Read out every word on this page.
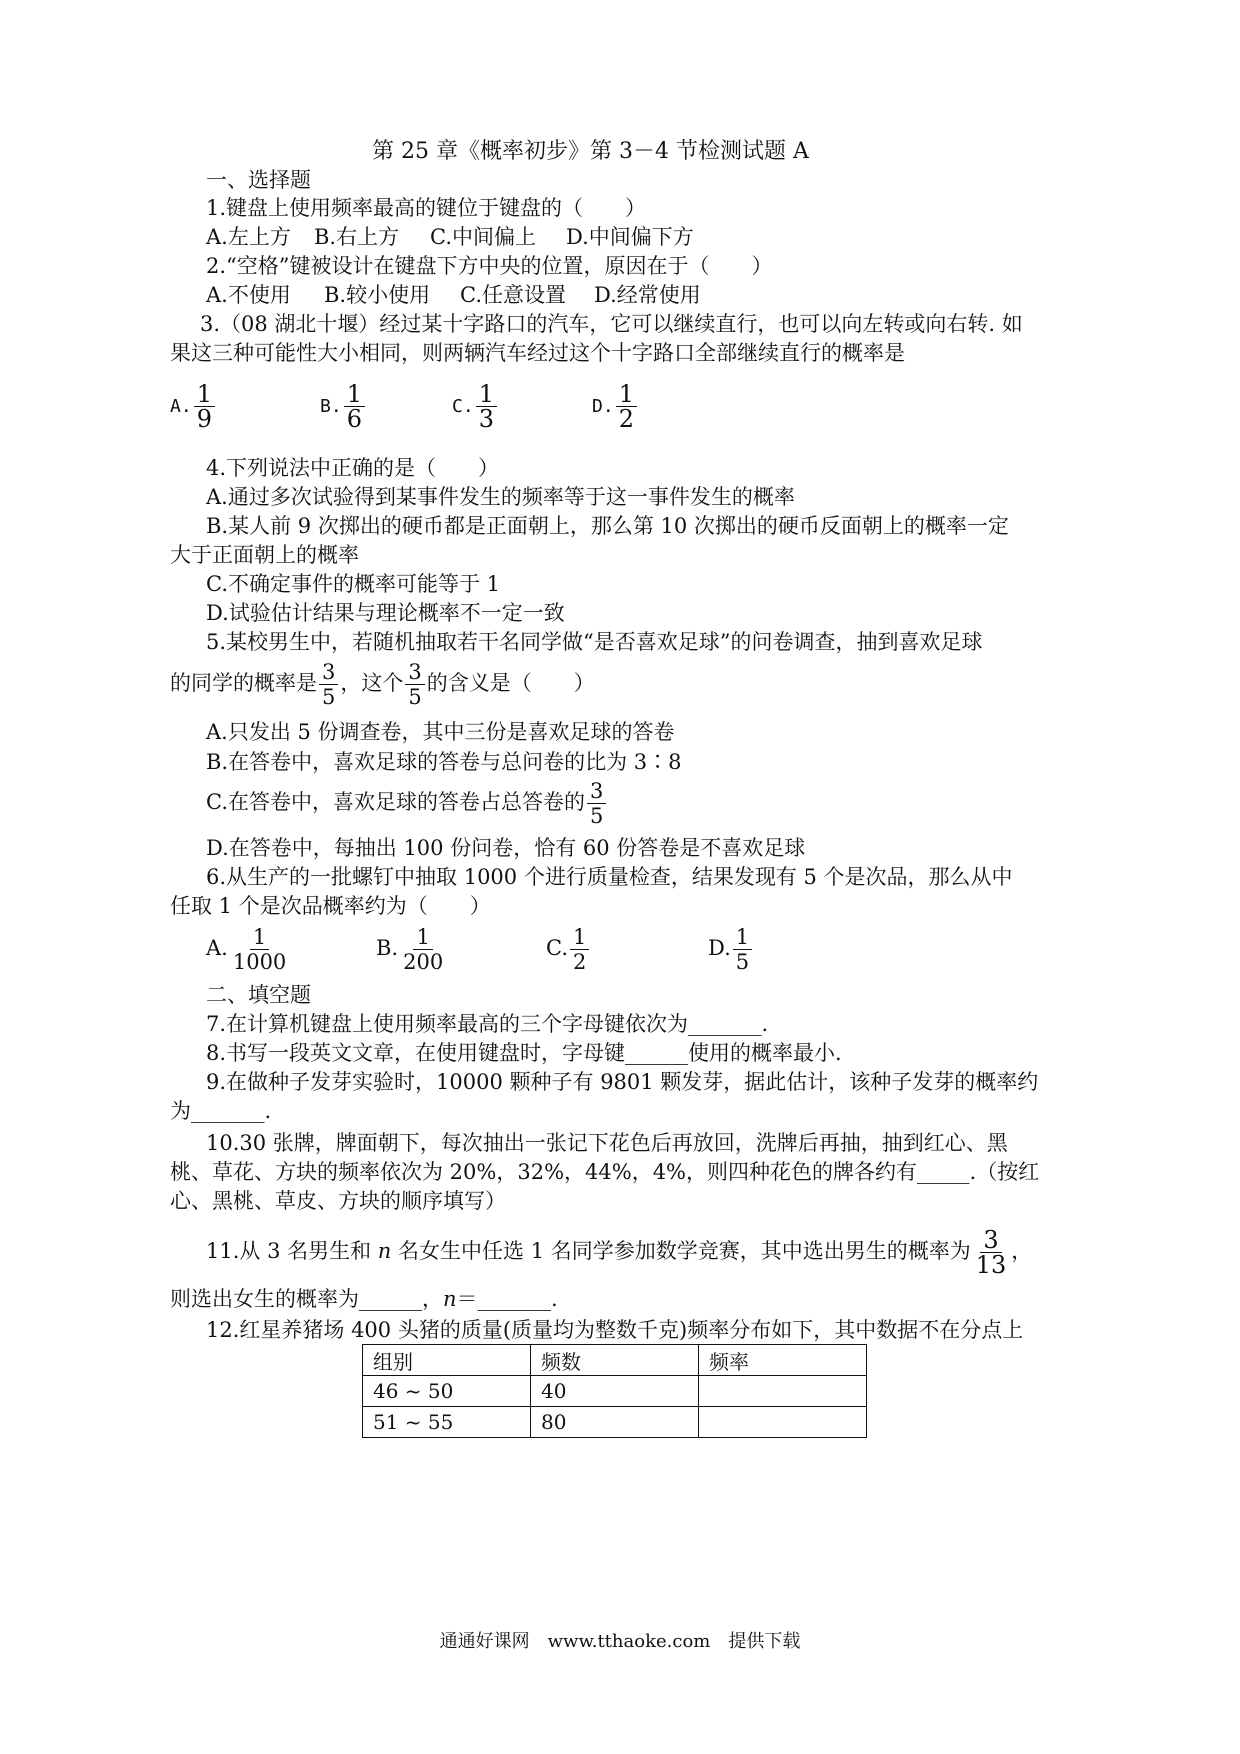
第 25 章《概率初步》第 3－4 节检测试题 A
一、选择题
1.键盘上使用频率最高的键位于键盘的（　　）
A.左上方 B.右上方 C.中间偏上 D.中间偏下方
2.“空格”键被设计在键盘下方中央的位置，原因在于（　　）
A.不使用 B.较小使用 C.任意设置 D.经常使用
3.（08 湖北十堰）经过某十字路口的汽车，它可以继续直行，也可以向左转或向右转. 如
果这三种可能性大小相同，则两辆汽车经过这个十字路口全部继续直行的概率是
A. $\frac{1}{9}$	B. $\frac{1}{6}$	C. $\frac{1}{3}$	D. $\frac{1}{2}$
4.下列说法中正确的是（　　）
A.通过多次试验得到某事件发生的频率等于这一事件发生的概率
B.某人前 9 次掷出的硬币都是正面朝上，那么第 10 次掷出的硬币反面朝上的概率一定
大于正面朝上的概率
C.不确定事件的概率可能等于 1
D.试验估计结果与理论概率不一定一致
5.某校男生中，若随机抽取若干名同学做“是否喜欢足球”的问卷调查，抽到喜欢足球
的同学的概率是 $\frac{3}{5}$ ，这个 $\frac{3}{5}$ 的含义是（　　）
A.只发出 5 份调查卷，其中三份是喜欢足球的答卷
B.在答卷中，喜欢足球的答卷与总问卷的比为 3∶8
C.在答卷中，喜欢足球的答卷占总答卷的 $\frac{3}{5}$
D.在答卷中，每抽出 100 份问卷，恰有 60 份答卷是不喜欢足球
6.从生产的一批螺钉中抽取 1000 个进行质量检查，结果发现有 5 个是次品，那么从中
任取 1 个是次品概率约为（　　）
A. $\frac{1}{1000}$	B. $\frac{1}{200}$	C. $\frac{1}{2}$	D. $\frac{1}{5}$
二、填空题
7.在计算机键盘上使用频率最高的三个字母键依次为_______.
8.书写一段英文文章，在使用键盘时，字母键______使用的概率最小.
9.在做种子发芽实验时，10000 颗种子有 9801 颗发芽，据此估计，该种子发芽的概率约
为_______.
10.30 张牌，牌面朝下，每次抽出一张记下花色后再放回，洗牌后再抽，抽到红心、黑
桃、草花、方块的频率依次为 20%，32%，44%，4%，则四种花色的牌各约有_____.（按红
心、黑桃、草皮、方块的顺序填写）
11.从 3 名男生和 n 名女生中任选 1 名同学参加数学竞赛，其中选出男生的概率为 $\frac{3}{13}$ ，
则选出女生的概率为______，n＝_______.
12.红星养猪场 400 头猪的质量(质量均为整数千克)频率分布如下，其中数据不在分点上
组别	频数	频率
46 ~ 50	40	
51 ~ 55	80	
通通好课网　www.tthaoke.com　提供下载
